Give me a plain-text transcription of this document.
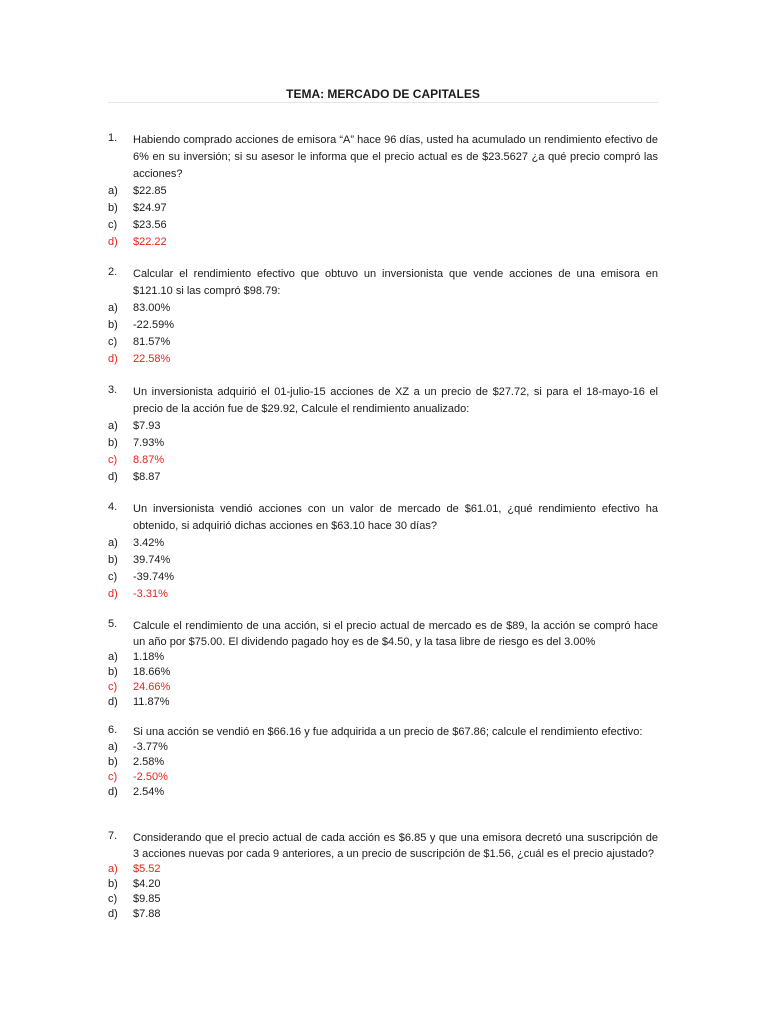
TEMA: MERCADO DE CAPITALES
1.	Habiendo comprado acciones de emisora “A” hace 96 días, usted ha acumulado un rendimiento efectivo de 6% en su inversión; si su asesor le informa que el precio actual es de $23.5627 ¿a qué precio compró las acciones?
a)	$22.85
b)	$24.97
c)	$23.56
d)	$22.22
2.	Calcular el rendimiento efectivo que obtuvo un inversionista que vende acciones de una emisora en $121.10 si las compró $98.79:
a)	83.00%
b)	-22.59%
c)	81.57%
d)	22.58%
3.	Un inversionista adquirió el 01-julio-15 acciones de XZ a un precio de $27.72, si para el 18-mayo-16 el precio de la acción fue de $29.92, Calcule el rendimiento anualizado:
a)	$7.93
b)	7.93%
c)	8.87%
d)	$8.87
4.	Un inversionista vendió acciones con un valor de mercado de $61.01, ¿qué rendimiento efectivo ha obtenido, si adquirió dichas acciones en $63.10 hace 30 días?
a)	3.42%
b)	39.74%
c)	-39.74%
d)	-3.31%
5.	Calcule el rendimiento de una acción, si el precio actual de mercado es de $89, la acción se compró hace un año por $75.00. El dividendo pagado hoy es de $4.50, y la tasa libre de riesgo es del 3.00%
a)	1.18%
b)	18.66%
c)	24.66%
d)	11.87%
6.	Si una acción se vendió en $66.16 y fue adquirida a un precio de $67.86; calcule el rendimiento efectivo:
a)	-3.77%
b)	2.58%
c)	-2.50%
d)	2.54%
7.	Considerando que el precio actual de cada acción es $6.85 y que una emisora decretó una suscripción de 3 acciones nuevas por cada 9 anteriores, a un precio de suscripción de $1.56, ¿cuál es el precio ajustado?
a)	$5.52
b)	$4.20
c)	$9.85
d)	$7.88
